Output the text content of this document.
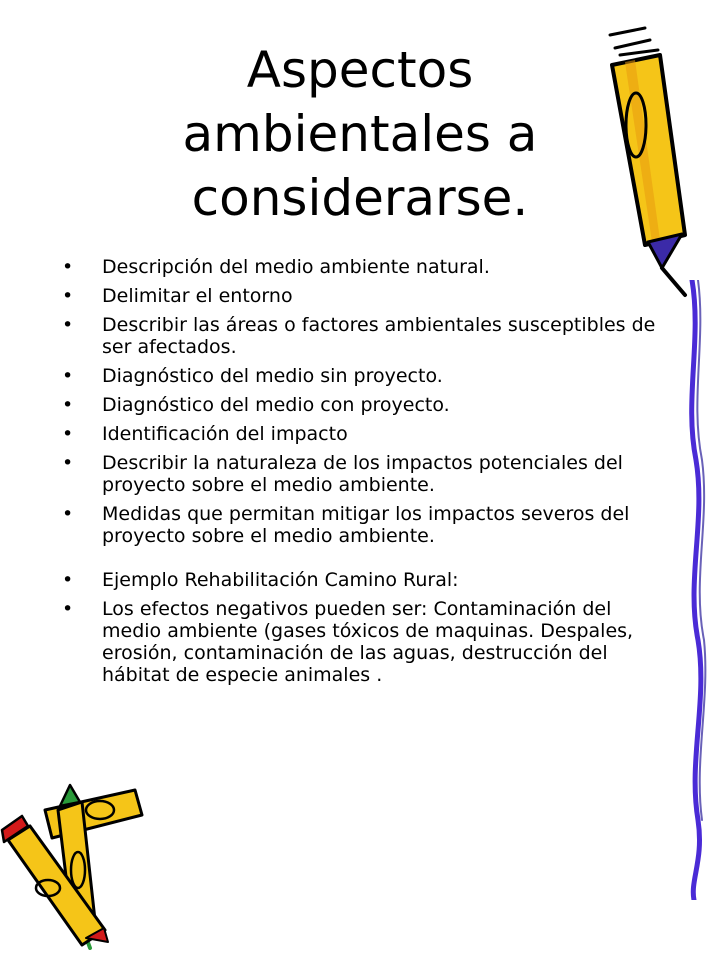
Aspectos ambientales a considerarse.
•	Descripción del medio ambiente natural.
•	Delimitar el entorno
•	Describir las áreas o factores ambientales susceptibles de ser afectados.
•	Diagnóstico del medio sin proyecto.
•	Diagnóstico del medio con proyecto.
•	Identificación del impacto
•	Describir la naturaleza de los impactos potenciales del proyecto sobre el medio ambiente.
•	Medidas que permitan mitigar los impactos severos del proyecto sobre el medio ambiente.
•	Ejemplo Rehabilitación Camino Rural:
•	Los efectos negativos pueden ser: Contaminación del medio ambiente (gases tóxicos de maquinas. Despales, erosión, contaminación de las aguas, destrucción del hábitat de especie animales .
